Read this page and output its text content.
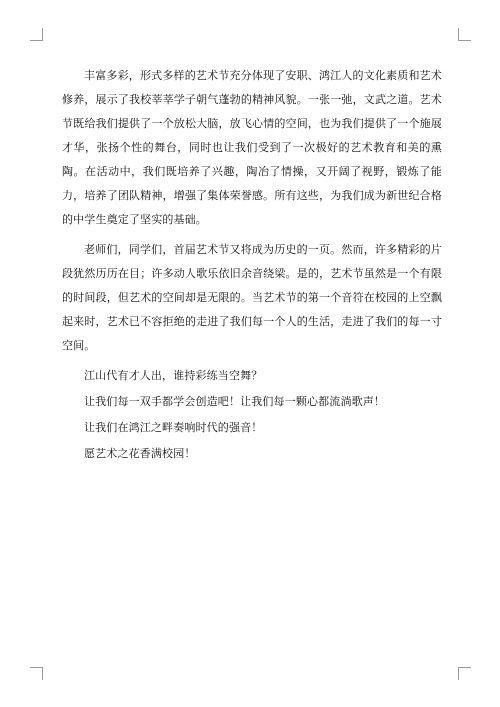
丰富多彩，形式多样的艺术节充分体现了安职、鸿江人的文化素质和艺术修养，展示了我校莘莘学子朝气蓬勃的精神风貌。一张一弛，文武之道。艺术节既给我们提供了一个放松大脑，放飞心情的空间，也为我们提供了一个施展才华，张扬个性的舞台，同时也让我们受到了一次极好的艺术教育和美的熏陶。在活动中，我们既培养了兴趣，陶冶了情操，又开阔了视野，锻炼了能力，培养了团队精神，增强了集体荣誉感。所有这些，为我们成为新世纪合格的中学生奠定了坚实的基础。

老师们，同学们，首届艺术节又将成为历史的一页。然而，许多精彩的片段犹然历历在目；许多动人歌乐依旧余音绕梁。是的，艺术节虽然是一个有限的时间段，但艺术的空间却是无限的。当艺术节的第一个音符在校园的上空飘起来时，艺术已不容拒绝的走进了我们每一个人的生活，走进了我们的每一寸空间。

江山代有才人出，谁持彩练当空舞？

让我们每一双手都学会创造吧！让我们每一颗心都流淌歌声！

让我们在鸿江之畔奏响时代的强音！

愿艺术之花香满校园！
